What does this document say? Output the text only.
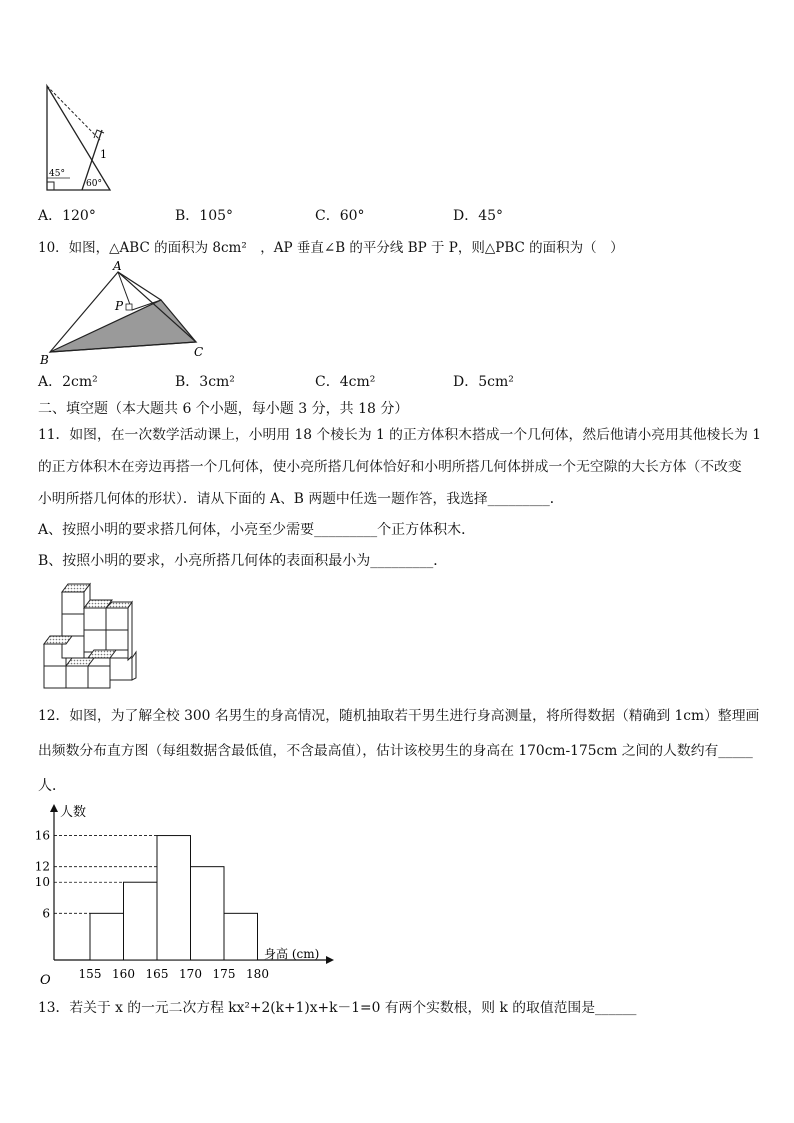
1
45°
60°
A．120°	B．105°	C．60°	D．45°
10．如图，△ABC 的面积为 8cm²　，AP 垂直∠B 的平分线 BP 于 P，则△PBC 的面积为（　）
A
B
C
P
A．2cm²	B．3cm²	C．4cm²	D．5cm²
二、填空题（本大题共 6 个小题，每小题 3 分，共 18 分）
11．如图，在一次数学活动课上，小明用 18 个棱长为 1 的正方体积木搭成一个几何体，然后他请小亮用其他棱长为 1
的正方体积木在旁边再搭一个几何体，使小亮所搭几何体恰好和小明所搭几何体拼成一个无空隙的大长方体（不改变
小明所搭几何体的形状）．请从下面的 A、B 两题中任选一题作答，我选择_________．
A、按照小明的要求搭几何体，小亮至少需要_________个正方体积木．
B、按照小明的要求，小亮所搭几何体的表面积最小为_________．
12．如图，为了解全校 300 名男生的身高情况，随机抽取若干男生进行身高测量，将所得数据（精确到 1cm）整理画
出频数分布直方图（每组数据含最低值，不含最高值），估计该校男生的身高在 170cm-175cm 之间的人数约有_____
人．
6
10
12
16
155 160 165 170 175 180
人数
身高 (cm)
O
13．若关于 x 的一元二次方程 kx²+2(k+1)x+k－1=0 有两个实数根，则 k 的取值范围是______
